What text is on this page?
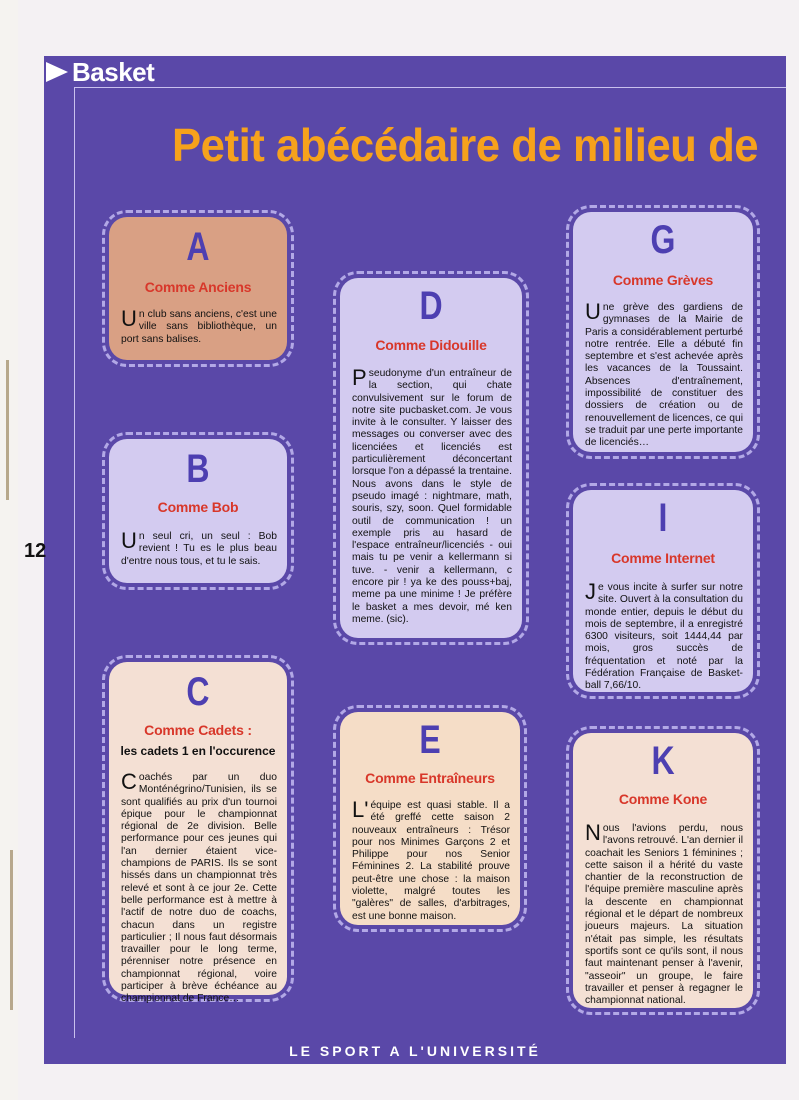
Basket
Petit abécédaire de milieu de
12
A
Comme Anciens
Un club sans anciens, c'est une ville sans bibliothèque, un port sans balises.
B
Comme Bob
Un seul cri, un seul : Bob revient ! Tu es le plus beau d'entre nous tous, et tu le sais.
C
Comme Cadets :
les cadets 1 en l'occurence
Coachés par un duo Monténégrino/Tunisien, ils se sont qualifiés au prix d'un tournoi épique pour le championnat régional de 2e division. Belle performance pour ces jeunes qui l'an dernier étaient vice-champions de PARIS. Ils se sont hissés dans un championnat très relevé et sont à ce jour 2e. Cette belle performance est à mettre à l'actif de notre duo de coachs, chacun dans un registre particulier ; Il nous faut désormais travailler pour le long terme, pérenniser notre présence en championnat régional, voire participer à brève échéance au championnat de France…
D
Comme Didouille
Pseudonyme d'un entraîneur de la section, qui chate convulsivement sur le forum de notre site pucbasket.com. Je vous invite à le consulter. Y laisser des messages ou converser avec des licenciées et licenciés est particulièrement déconcertant lorsque l'on a dépassé la trentaine. Nous avons dans le style de pseudo imagé : nightmare, math, souris, szy, soon. Quel formidable outil de communication ! un exemple pris au hasard de l'espace entraîneur/licenciés - oui mais tu pe venir a kellermann si tuve. - venir a kellermann, c encore pir ! ya ke des pouss+baj, meme pa une minime ! Je préfère le basket a mes devoir, mé ken meme. (sic).
E
Comme Entraîneurs
L'équipe est quasi stable. Il a été greffé cette saison 2 nouveaux entraîneurs : Trésor pour nos Minimes Garçons 2 et Philippe pour nos Senior Féminines 2. La stabilité prouve peut-être une chose : la maison violette, malgré toutes les "galères" de salles, d'arbitrages, est une bonne maison.
G
Comme Grèves
Une grève des gardiens de gymnases de la Mairie de Paris a considérablement perturbé notre rentrée. Elle a débuté fin septembre et s'est achevée après les vacances de la Toussaint. Absences d'entraînement, impossibilité de constituer des dossiers de création ou de renouvellement de licences, ce qui se traduit par une perte importante de licenciés…
I
Comme Internet
Je vous incite à surfer sur notre site. Ouvert à la consultation du monde entier, depuis le début du mois de septembre, il a enregistré 6300 visiteurs, soit 1444,44 par mois, gros succès de fréquentation et noté par la Fédération Française de Basket-ball 7,66/10.
K
Comme Kone
Nous l'avions perdu, nous l'avons retrouvé. L'an dernier il coachait les Seniors 1 féminines ; cette saison il a hérité du vaste chantier de la reconstruction de l'équipe première masculine après la descente en championnat régional et le départ de nombreux joueurs majeurs. La situation n'était pas simple, les résultats sportifs sont ce qu'ils sont, il nous faut maintenant penser à l'avenir, "asseoir" un groupe, le faire travailler et penser à regagner le championnat national.
LE SPORT A L'UNIVERSITÉ
